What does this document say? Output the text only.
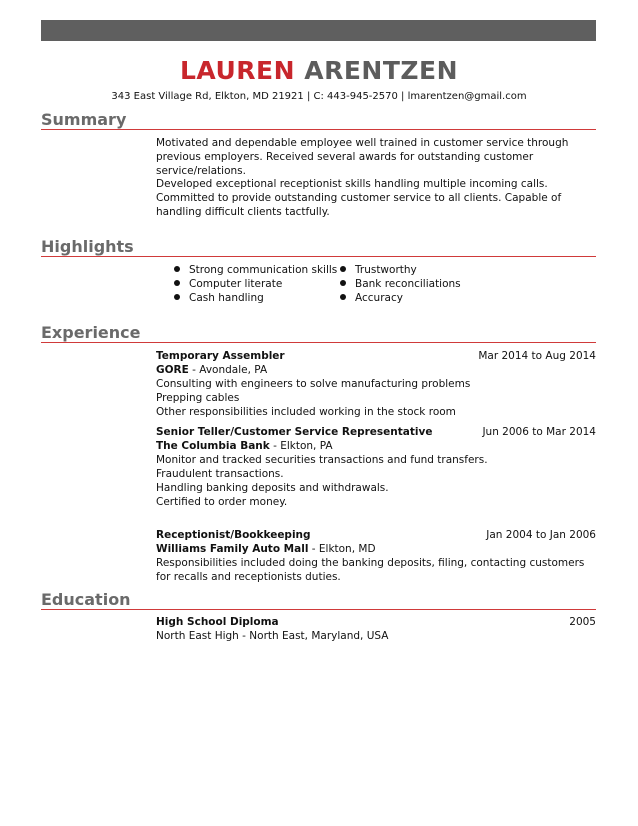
LAUREN ARENTZEN
343 East Village Rd, Elkton, MD 21921 | C: 443-945-2570 | lmarentzen@gmail.com
Summary

Motivated and dependable employee well trained in customer service through previous employers. Received several awards for outstanding customer service/relations.

Developed exceptional receptionist skills handling multiple incoming calls. Committed to provide outstanding customer service to all clients. Capable of handling difficult clients tactfully.

Highlights
Strong communication skills
Computer literate
Cash handling
Trustworthy
Bank reconciliations
Accuracy
Experience
Temporary Assembler	Mar 2014 to Aug 2014
GORE - Avondale, PA
Consulting with engineers to solve manufacturing problems
Prepping cables
Other responsibilities included working in the stock room
Senior Teller/Customer Service Representative	Jun 2006 to Mar 2014
The Columbia Bank - Elkton, PA
Monitor and tracked securities transactions and fund transfers.
Fraudulent transactions.
Handling banking deposits and withdrawals.
Certified to order money.
Receptionist/Bookkeeping	Jan 2004 to Jan 2006
Williams Family Auto Mall - Elkton, MD
Responsibilities included doing the banking deposits, filing, contacting customers for recalls and receptionists duties.
Education
High School Diploma	2005
North East High - North East, Maryland, USA
